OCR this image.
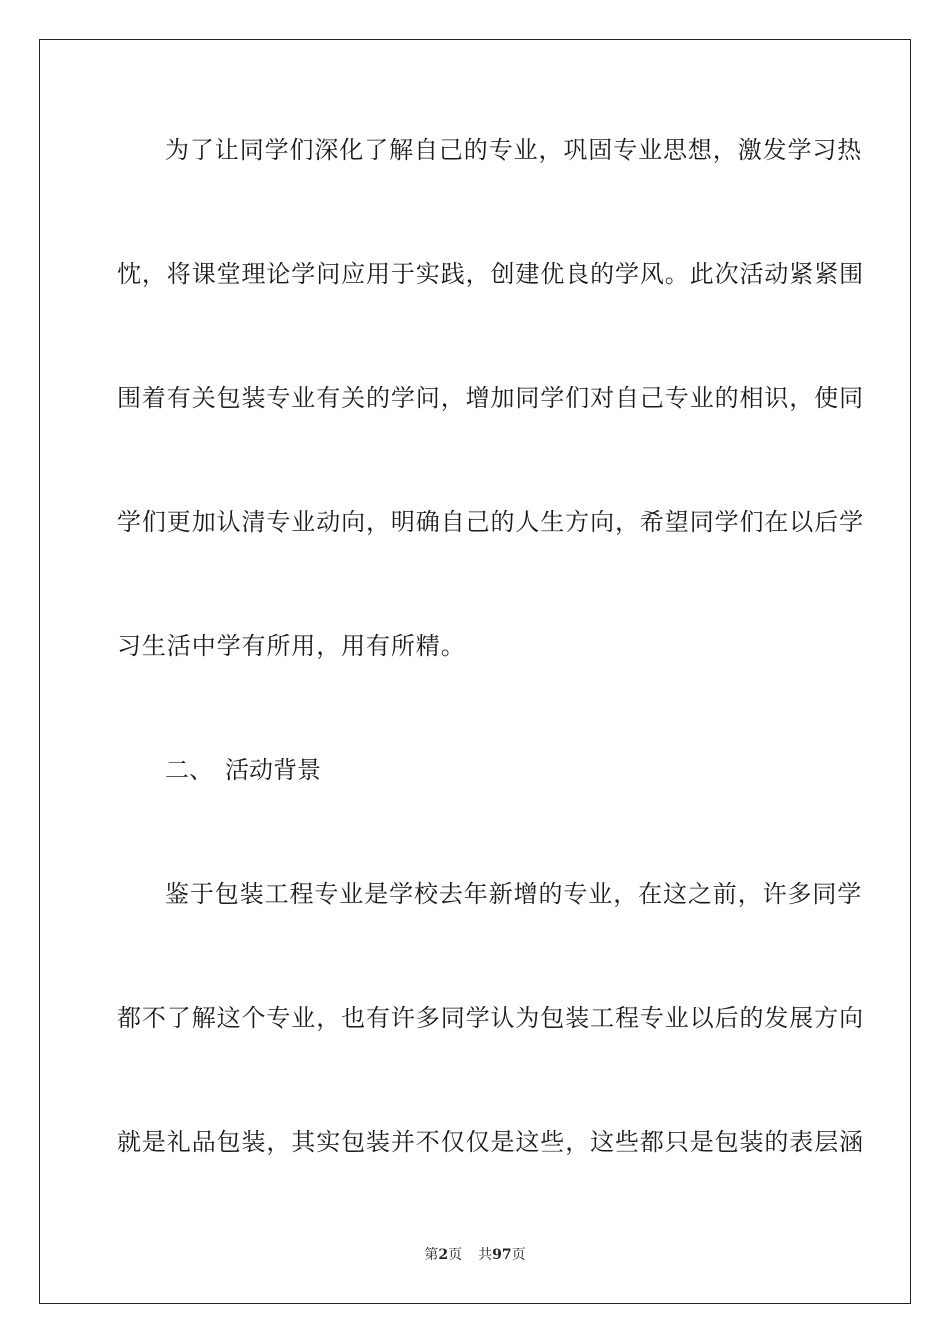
为了让同学们深化了解自己的专业，巩固专业思想，激发学习热
忱，将课堂理论学问应用于实践，创建优良的学风。此次活动紧紧围
围着有关包装专业有关的学问，增加同学们对自己专业的相识，使同
学们更加认清专业动向，明确自己的人生方向，希望同学们在以后学
习生活中学有所用，用有所精。
二、 活动背景
鉴于包装工程专业是学校去年新增的专业，在这之前，许多同学
都不了解这个专业，也有许多同学认为包装工程专业以后的发展方向
就是礼品包装，其实包装并不仅仅是这些，这些都只是包装的表层涵
第2页 共97页
